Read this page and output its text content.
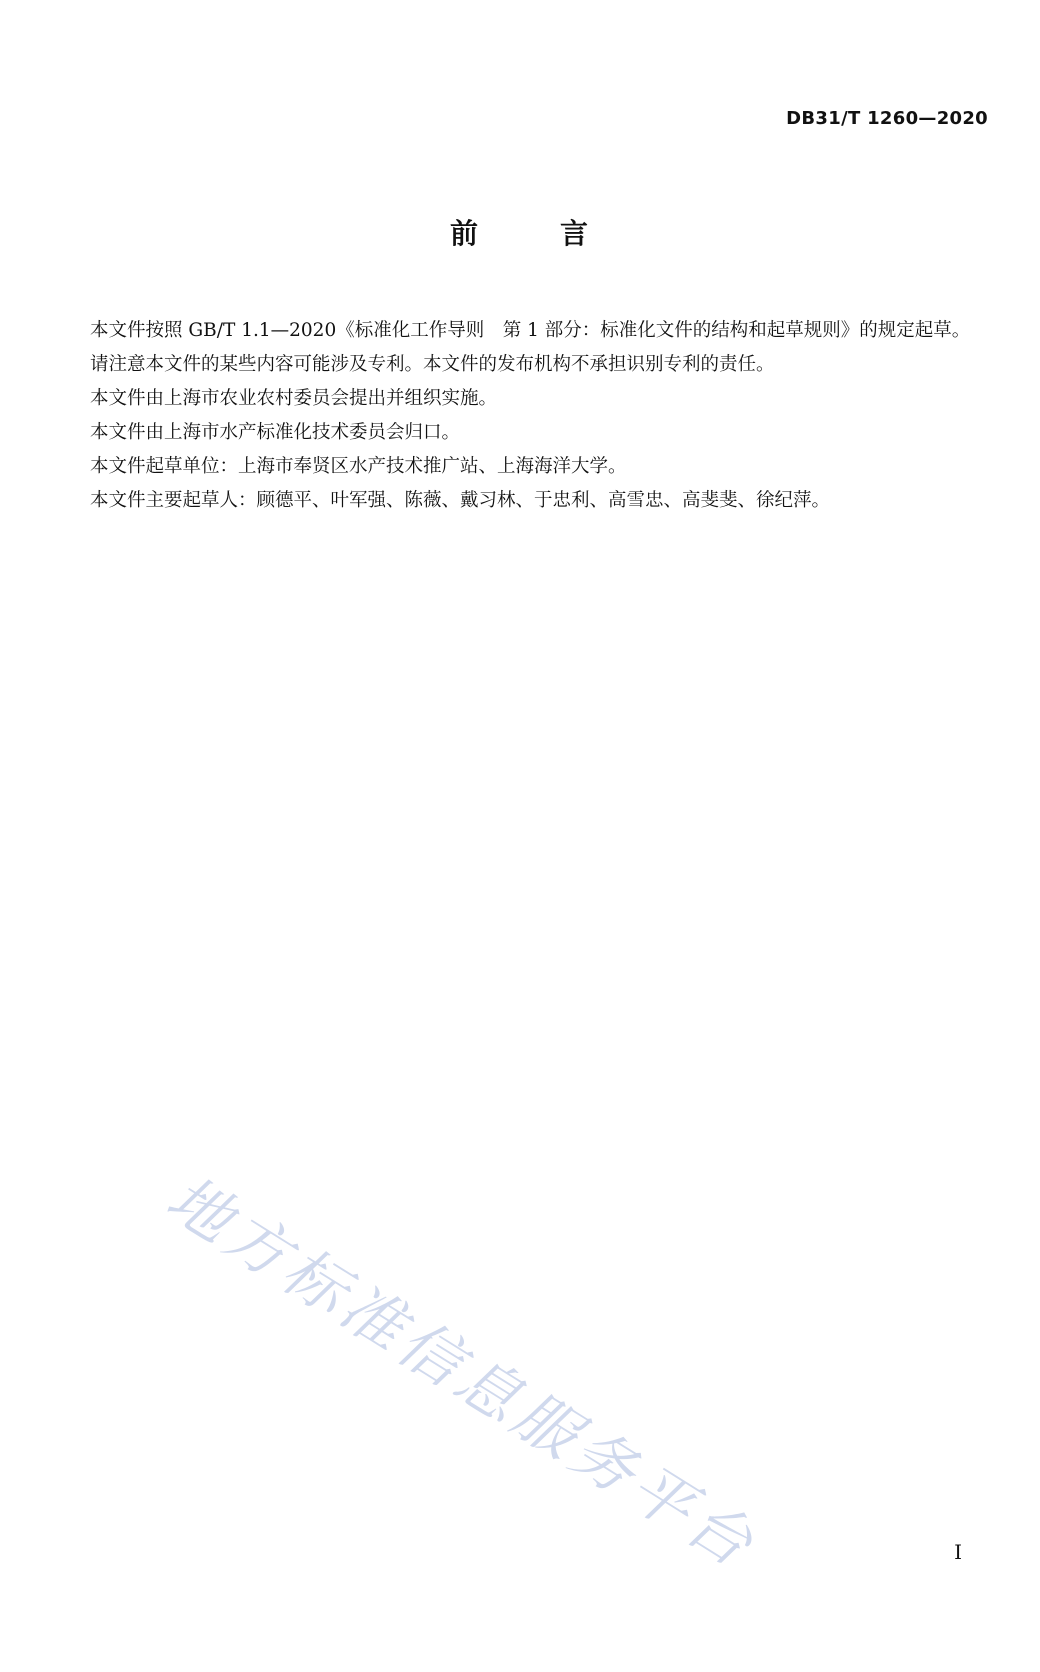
DB31/T 1260—2020
前	言

本文件按照 GB/T 1.1—2020《标准化工作导则　第 1 部分：标准化文件的结构和起草规则》的规定起草。

请注意本文件的某些内容可能涉及专利。本文件的发布机构不承担识别专利的责任。

本文件由上海市农业农村委员会提出并组织实施。

本文件由上海市水产标准化技术委员会归口。

本文件起草单位：上海市奉贤区水产技术推广站、上海海洋大学。

本文件主要起草人：顾德平、叶军强、陈薇、戴习林、于忠利、高雪忠、高斐斐、徐纪萍。

地方标准信息服务平台	I
